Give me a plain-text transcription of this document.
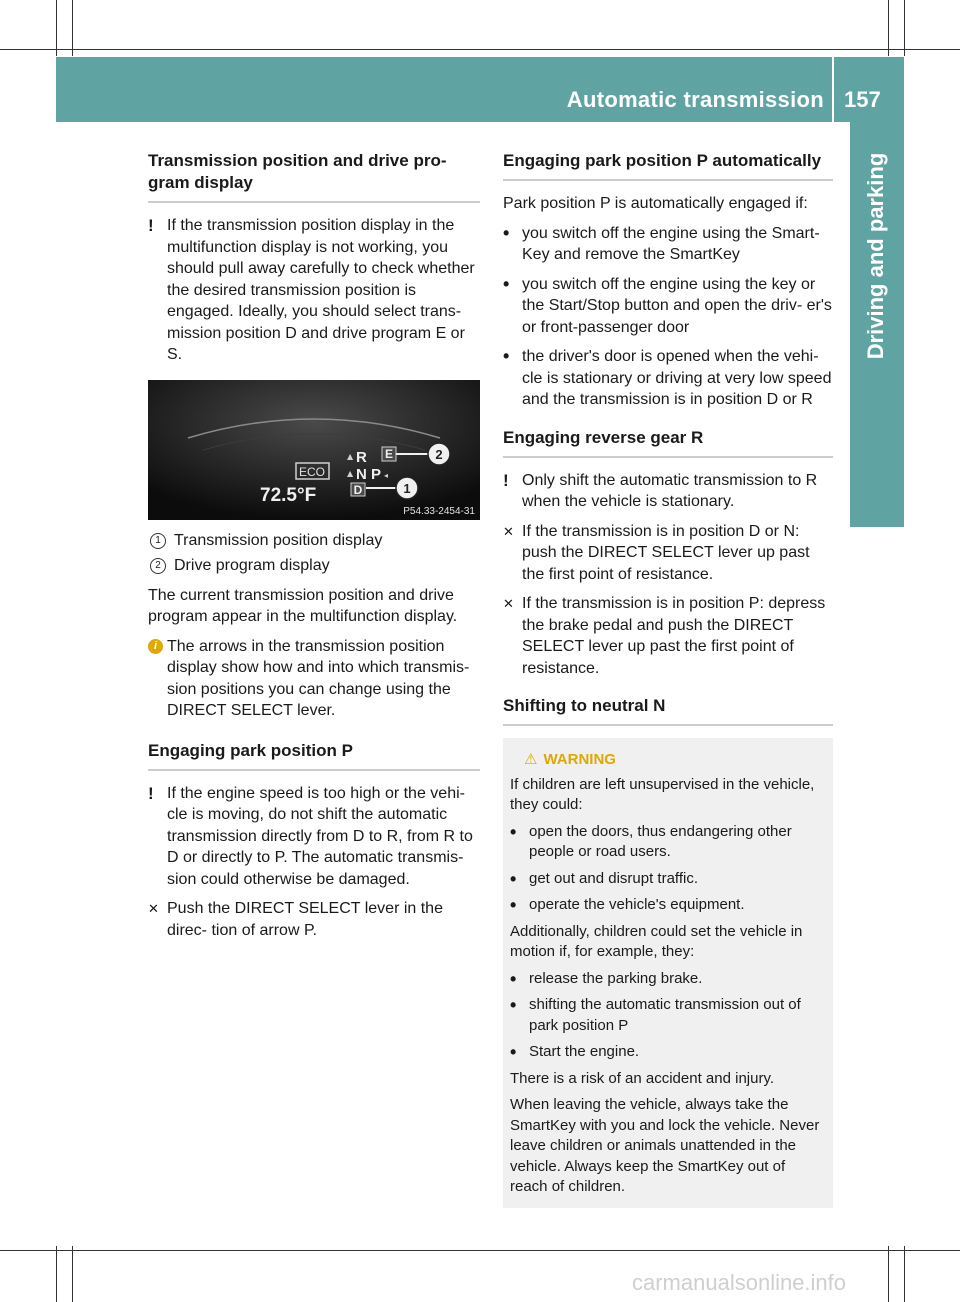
Automatic transmission 157
Driving and parking
Transmission position and drive pro- gram display
! If the transmission position display in the multifunction display is not working, you should pull away carefully to check whether the desired transmission position is engaged. Ideally, you should select trans- mission position D and drive program E or S.
ECO
▲ R E
▲ N P ◂
D
72.5°F
2
1
P54.33-2454-31
1 Transmission position display
2 Drive program display

The current transmission position and drive program appear in the multifunction display.

i The arrows in the transmission position display show how and into which transmis- sion positions you can change using the DIRECT SELECT lever.
Engaging park position P
! If the engine speed is too high or the vehi- cle is moving, do not shift the automatic transmission directly from D to R, from R to D or directly to P. The automatic transmis- sion could otherwise be damaged.
✕ Push the DIRECT SELECT lever in the direc- tion of arrow P.
Engaging park position P automatically

Park position P is automatically engaged if:

• you switch off the engine using the Smart- Key and remove the SmartKey
• you switch off the engine using the key or the Start/Stop button and open the driv- er's or front-passenger door
• the driver's door is opened when the vehi- cle is stationary or driving at very low speed and the transmission is in position D or R
Engaging reverse gear R
! Only shift the automatic transmission to R when the vehicle is stationary.
✕ If the transmission is in position D or N: push the DIRECT SELECT lever up past the first point of resistance.
✕ If the transmission is in position P: depress the brake pedal and push the DIRECT SELECT lever up past the first point of resistance.
Shifting to neutral N
⚠ WARNING

If children are left unsupervised in the vehicle, they could:

• open the doors, thus endangering other people or road users.
• get out and disrupt traffic.
• operate the vehicle's equipment.

Additionally, children could set the vehicle in motion if, for example, they:

• release the parking brake.
• shifting the automatic transmission out of park position P
• Start the engine.

There is a risk of an accident and injury.

When leaving the vehicle, always take the SmartKey with you and lock the vehicle. Never leave children or animals unattended in the vehicle. Always keep the SmartKey out of reach of children.

carmanualsonline.info
